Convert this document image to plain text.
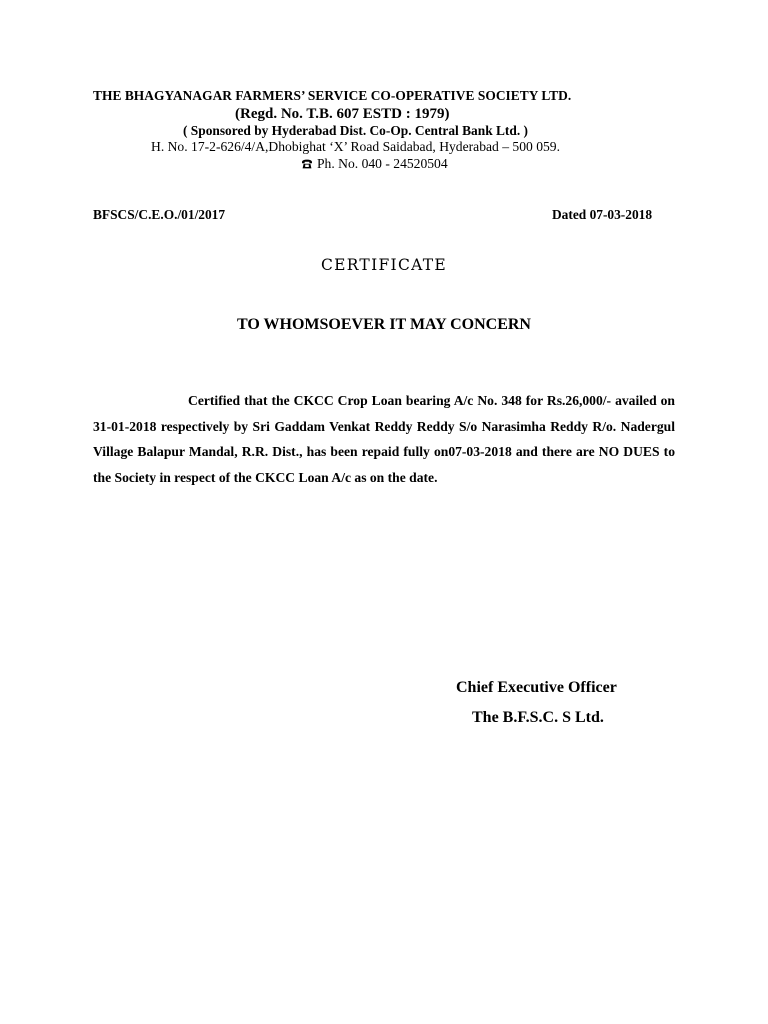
THE BHAGYANAGAR FARMERS’ SERVICE CO-OPERATIVE SOCIETY LTD.
(Regd. No. T.B. 607 ESTD : 1979)
( Sponsored by Hyderabad Dist. Co-Op. Central Bank Ltd. )
H. No. 17-2-626/4/A,Dhobighat ‘X’ Road Saidabad, Hyderabad – 500 059.
Ph. No. 040 - 24520504
BFSCS/C.E.O./01/2017	Dated 07-03-2018
CERTIFICATE
TO WHOMSOEVER IT MAY CONCERN
Certified that the CKCC Crop Loan bearing A/c No. 348 for Rs.26,000/- availed on 31-01-2018 respectively by Sri Gaddam Venkat Reddy Reddy S/o Narasimha Reddy R/o. Nadergul Village Balapur Mandal, R.R. Dist., has been repaid fully on07-03-2018 and there are NO DUES to the Society in respect of the CKCC Loan A/c as on the date.
Chief Executive Officer
The B.F.S.C. S Ltd.
